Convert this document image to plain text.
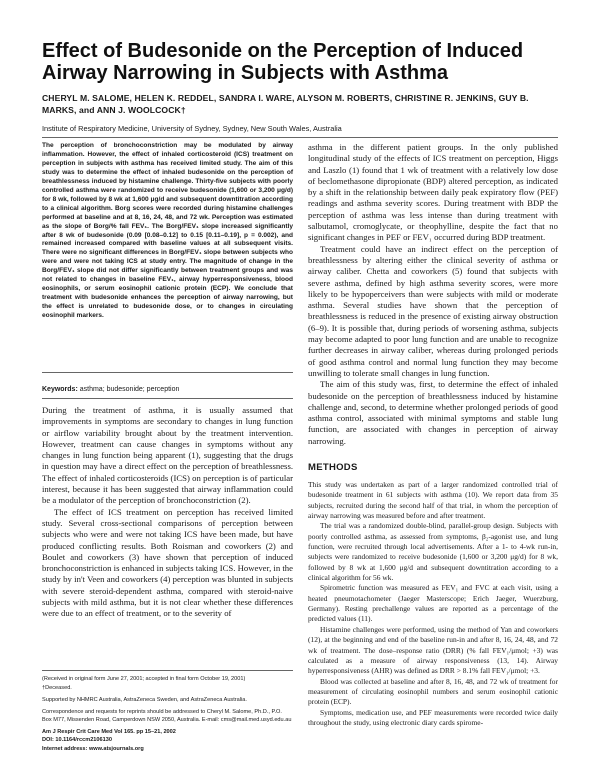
Effect of Budesonide on the Perception of Induced Airway Narrowing in Subjects with Asthma

CHERYL M. SALOME, HELEN K. REDDEL, SANDRA I. WARE, ALYSON M. ROBERTS, CHRISTINE R. JENKINS, GUY B. MARKS, and ANN J. WOOLCOCK†

Institute of Respiratory Medicine, University of Sydney, Sydney, New South Wales, Australia

The perception of bronchoconstriction may be modulated by airway inflammation. However, the effect of inhaled corticosteroid (ICS) treatment on perception in subjects with asthma has received limited study. The aim of this study was to determine the effect of inhaled budesonide on the perception of breathlessness induced by histamine challenge. Thirty-five subjects with poorly controlled asthma were randomized to receive budesonide (1,600 or 3,200 μg/d) for 8 wk, followed by 8 wk at 1,600 μg/d and subsequent downtitration according to a clinical algorithm. Borg scores were recorded during histamine challenges performed at baseline and at 8, 16, 24, 48, and 72 wk. Perception was estimated as the slope of Borg/% fall FEV₁. The Borg/FEV₁ slope increased significantly after 8 wk of budesonide (0.09 [0.08–0.12] to 0.15 [0.11–0.19], p = 0.002), and remained increased compared with baseline values at all subsequent visits. There were no significant differences in Borg/FEV₁ slope between subjects who were and were not taking ICS at study entry. The magnitude of change in the Borg/FEV₁ slope did not differ significantly between treatment groups and was not related to changes in baseline FEV₁, airway hyperresponsiveness, blood eosinophils, or serum eosinophil cationic protein (ECP). We conclude that treatment with budesonide enhances the perception of airway narrowing, but the effect is unrelated to budesonide dose, or to changes in circulating eosinophil markers.

Keywords: asthma; budesonide; perception

During the treatment of asthma, it is usually assumed that improvements in symptoms are secondary to changes in lung function or airflow variability brought about by the treatment intervention. However, treatment can cause changes in symptoms without any changes in lung function being apparent (1), suggesting that the drugs in question may have a direct effect on the perception of breathlessness. The effect of inhaled corticosteroids (ICS) on perception is of particular interest, because it has been suggested that airway inflammation could be a modulator of the perception of bronchoconstriction (2).

The effect of ICS treatment on perception has received limited study. Several cross-sectional comparisons of perception between subjects who were and were not taking ICS have been made, but have produced conflicting results. Both Roisman and coworkers (2) and Boulet and coworkers (3) have shown that perception of induced bronchoconstriction is enhanced in subjects taking ICS. However, in the study by in't Veen and coworkers (4) perception was blunted in subjects with severe steroid-dependent asthma, compared with steroid-naive subjects with mild asthma, but it is not clear whether these differences were due to an effect of treatment, or to the severity of

asthma in the different patient groups. In the only published longitudinal study of the effects of ICS treatment on perception, Higgs and Laszlo (1) found that 1 wk of treatment with a relatively low dose of beclomethasone dipropionate (BDP) altered perception, as indicated by a shift in the relationship between daily peak expiratory flow (PEF) readings and asthma severity scores. During treatment with BDP the perception of asthma was less intense than during treatment with salbutamol, cromoglycate, or theophylline, despite the fact that no significant changes in PEF or FEV₁ occurred during BDP treatment.

Treatment could have an indirect effect on the perception of breathlessness by altering either the clinical severity of asthma or airway caliber. Chetta and coworkers (5) found that subjects with severe asthma, defined by high asthma severity scores, were more likely to be hypoperceivers than were subjects with mild or moderate asthma. Several studies have shown that the perception of breathlessness is reduced in the presence of existing airway obstruction (6–9). It is possible that, during periods of worsening asthma, subjects may become adapted to poor lung function and are unable to recognize further decreases in airway caliber, whereas during prolonged periods of good asthma control and normal lung function they may become unwilling to tolerate small changes in lung function.

The aim of this study was, first, to determine the effect of inhaled budesonide on the perception of breathlessness induced by histamine challenge and, second, to determine whether prolonged periods of good asthma control, associated with minimal symptoms and stable lung function, are associated with changes in perception of airway narrowing.

METHODS

This study was undertaken as part of a larger randomized controlled trial of budesonide treatment in 61 subjects with asthma (10). We report data from 35 subjects, recruited during the second half of that trial, in whom the perception of airway narrowing was measured before and after treatment.

The trial was a randomized double-blind, parallel-group design. Subjects with poorly controlled asthma, as assessed from symptoms, β₂-agonist use, and lung function, were recruited through local advertisements. After a 1- to 4-wk run-in, subjects were randomized to receive budesonide (1,600 or 3,200 μg/d) for 8 wk, followed by 8 wk at 1,600 μg/d and subsequent downtitration according to a clinical algorithm for 56 wk.

Spirometric function was measured as FEV₁ and FVC at each visit, using a heated pneumotachometer (Jaeger Masterscope; Erich Jaeger, Wuerzburg, Germany). Resting prechallenge values are reported as a percentage of the predicted values (11).

Histamine challenges were performed, using the method of Yan and coworkers (12), at the beginning and end of the baseline run-in and after 8, 16, 24, 48, and 72 wk of treatment. The dose–response ratio (DRR) (% fall FEV₁/μmol; +3) was calculated as a measure of airway responsiveness (13, 14). Airway hyperresponsiveness (AHR) was defined as DRR > 8.1% fall FEV₁/μmol; +3.

Blood was collected at baseline and after 8, 16, 48, and 72 wk of treatment for measurement of circulating eosinophil numbers and serum eosinophil cationic protein (ECP).

Symptoms, medication use, and PEF measurements were recorded twice daily throughout the study, using electronic diary cards spirome-

(Received in original form June 27, 2001; accepted in final form October 19, 2001)

†Deceased.

Supported by NHMRC Australia, AstraZeneca Sweden, and AstraZeneca Australia.

Correspondence and requests for reprints should be addressed to Cheryl M. Salome, Ph.D., P.O. Box M77, Missenden Road, Camperdown NSW 2050, Australia. E-mail: cms@mail.med.usyd.edu.au

Am J Respir Crit Care Med Vol 165. pp 15–21, 2002

DOI: 10.1164/rccm2106130

Internet address: www.atsjournals.org
